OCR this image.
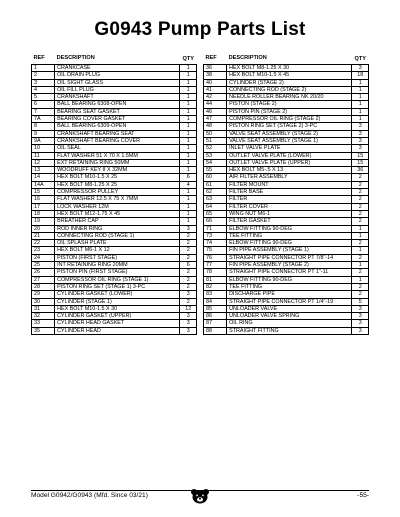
G0943 Pump Parts List
REF	DESCRIPTION	QTY
1	CRANKCASE	1
2	OIL DRAIN PLUG	1
3	OIL SIGHT GLASS	1
4	OIL FILL PLUG	1
5	CRANKSHAFT	1
6	BALL BEARING 6308-OPEN	1
7	BEARING SEAT GASKET	1
7A	BEARING COVER GASKET	1
8	BALL BEARING 6309-OPEN	1
9	CRANKSHAFT BEARING SEAT	1
9A	CRANKSHAFT BEARING COVER	1
10	OIL SEAL	1
11	FLAT WASHER 51 X 70 X 1.5MM	1
12	EXT RETAINING RING 50MM	1
13	WOODRUFF KEY 8 X 32MM	1
14	HEX BOLT M10-1.5 X 25	6
14A	HEX BOLT M8-1.25 X 25	4
15	COMPRESSOR PULLEY	1
16	FLAT WASHER 12.5 X 75 X 7MM	1
17	LOCK WASHER 12M	1
18	HEX BOLT M12-1.75 X 45	1
19	BREATHER CAP	1
20	ROD INNER RING	3
21	CONNECTING ROD (STAGE 1)	2
22	OIL SPLASH PLATE	2
23	HEX BOLT M6-1 X 12	2
24	PISTON (FIRST STAGE)	2
25	INT RETAINING RING 20MM	6
26	PISTON PIN (FIRST STAGE)	2
27	COMPRESSOR OIL RING (STAGE 1)	2
28	PISTON RING SET (STAGE 1) 3-PC	2
29	CYLINDER GASKET (LOWER)	3
30	CYLINDER (STAGE 1)	2
31	HEX BOLT M10-1.5 X 30	12
32	CYLINDER GASKET (UPPER)	3
33	CYLINDER HEAD GASKET	3
35	CYLINDER HEAD	3
REF	DESCRIPTION	QTY
36	HEX BOLT M8-1.25 X 30	3
38	HEX BOLT M10-1.5 X 45	18
40	CYLINDER (STAGE 2)	1
41	CONNECTING ROD (STAGE 2)	1
42	NEEDLE ROLLER BEARING NK 20/20	1
44	PISTON (STAGE 2)	1
46	PISTON PIN (STAGE 2)	1
47	COMPRESSOR OIL RING (STAGE 2)	1
48	PISTON RING SET (STAGE 2) 3-PC	3
50	VALVE SEAT ASSEMBLY (STAGE 2)	3
51	VALVE SEAT ASSEMBLY (STAGE 1)	3
52	INLET VALVE PLATE	3
53	OUTLET VALVE PLATE (LOWER)	15
54	OUTLET VALVE PLATE (UPPER)	15
55	HEX BOLT M5-.5 X 13	36
60	AIR FILTER ASSEMBLY	2
61	FILTER MOUNT	2
62	FILTER BASE	2
63	FILTER	2
64	FILTER COVER	2
65	WING NUT M6-1	2
66	FILTER GASKET	2
71	ELBOW FITTING 90-DEG	1
73	TEE FITTING	1
74	ELBOW FITTING 90-DEG	2
75	FIN PIPE ASSEMBLY (STAGE 1)	1
76	STRAIGHT PIPE CONNECTOR PT 7/8"-14	2
77	FIN PIPE ASSEMBLY (STAGE 2)	1
78	STRAIGHT PIPE CONNECTOR PT 1"-11	2
81	ELBOW FITTING 90-DEG	1
82	TEE FITTING	2
83	DISCHARGE PIPE	2
84	STRAIGHT PIPE CONNECTOR PT 1/4"-19	5
85	UNLOADER VALVE	3
86	UNLOADER VALVE SPRING	3
87	OIL RING	3
88	STRAIGHT FITTING	3
Model G0942/G0943 (Mfd. Since 03/21)	-55-
